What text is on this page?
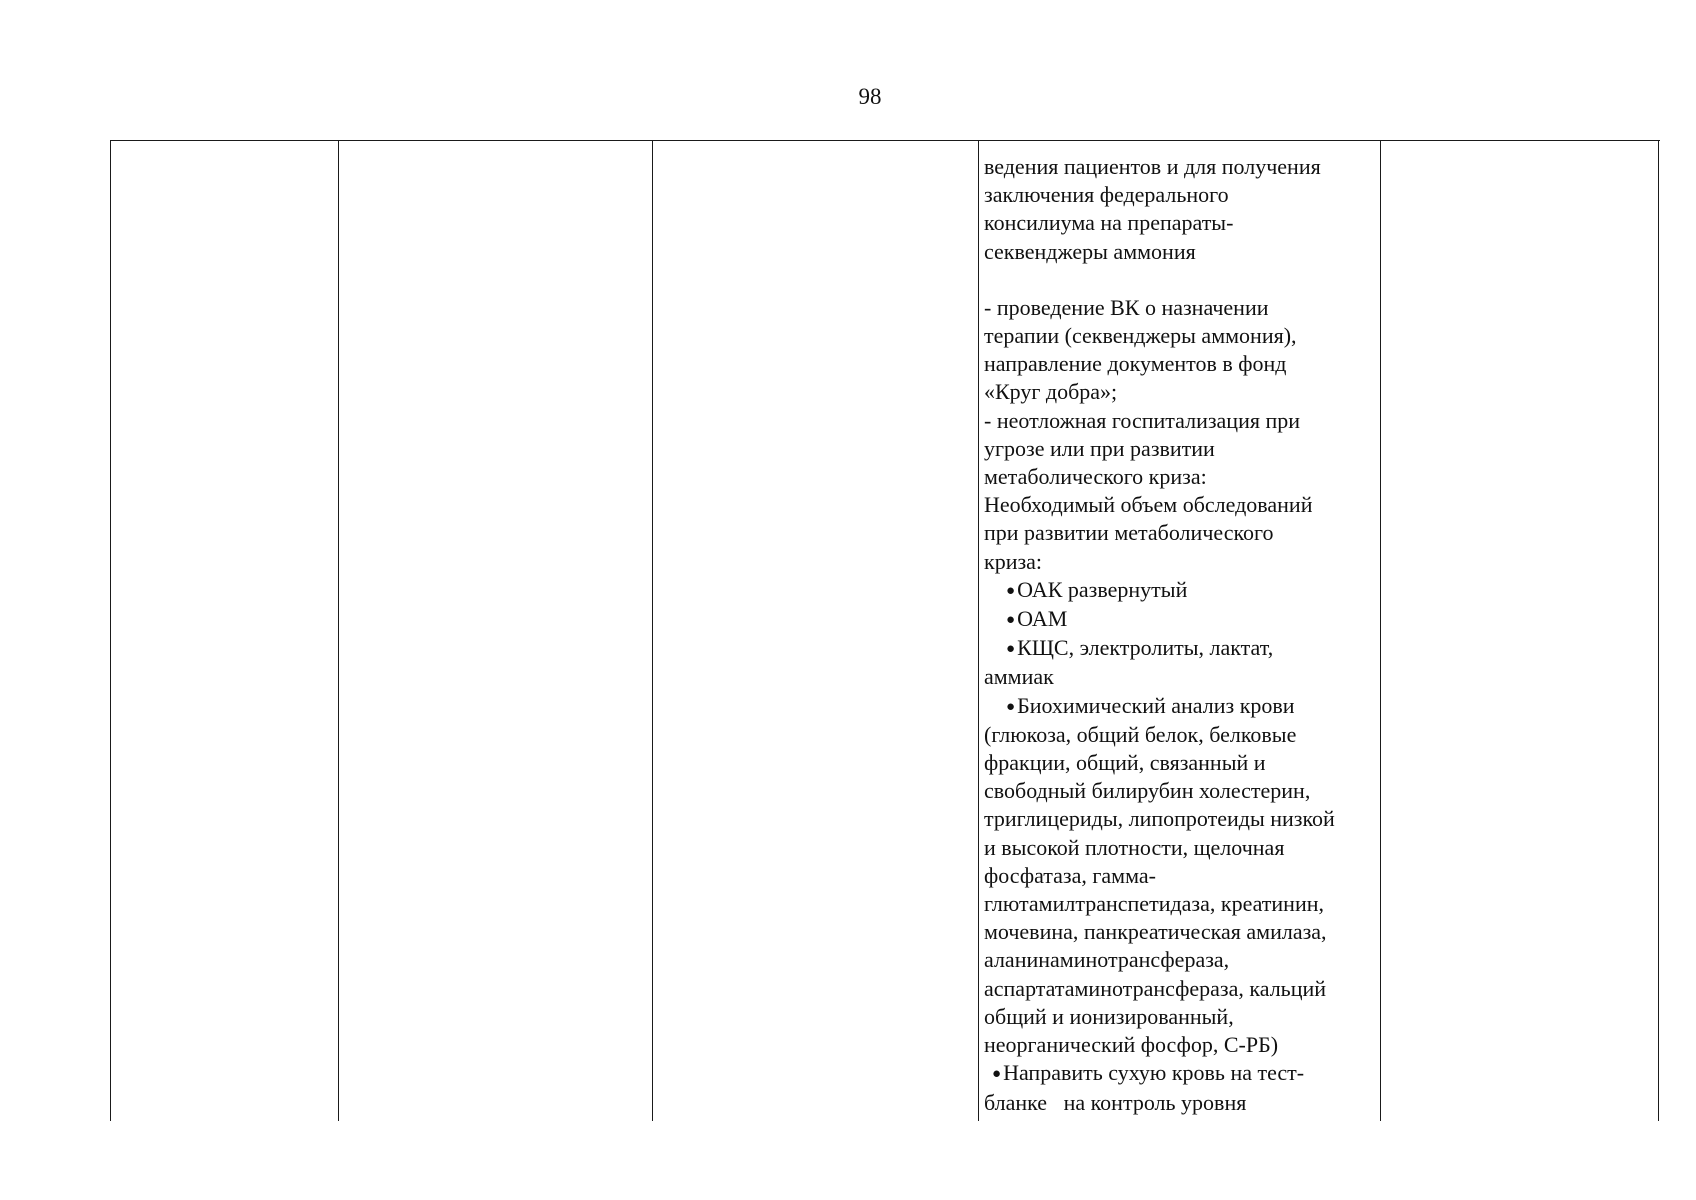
98

ведения пациентов и для получения

заключения федерального

консилиума на препараты-

секвенджеры аммония

- проведение ВК о назначении

терапии (секвенджеры аммония),

направление документов в фонд

«Круг добра»;

- неотложная госпитализация при

угрозе или при развитии

метаболического криза:

Необходимый объем обследований

при развитии метаболического

криза:

●ОАК развернутый

●ОАМ

●КЩС, электролиты, лактат,

аммиак

●Биохимический анализ крови

(глюкоза, общий белок, белковые

фракции, общий, связанный и

свободный билирубин холестерин,

триглицериды, липопротеиды низкой

и высокой плотности, щелочная

фосфатаза, гамма-

глютамилтранспетидаза, креатинин,

мочевина, панкреатическая амилаза,

аланинаминотрансфераза,

аспартатаминотрансфераза, кальций

общий и ионизированный,

неорганический фосфор, С-РБ)

●Направить сухую кровь на тест-

бланке   на контроль уровня
